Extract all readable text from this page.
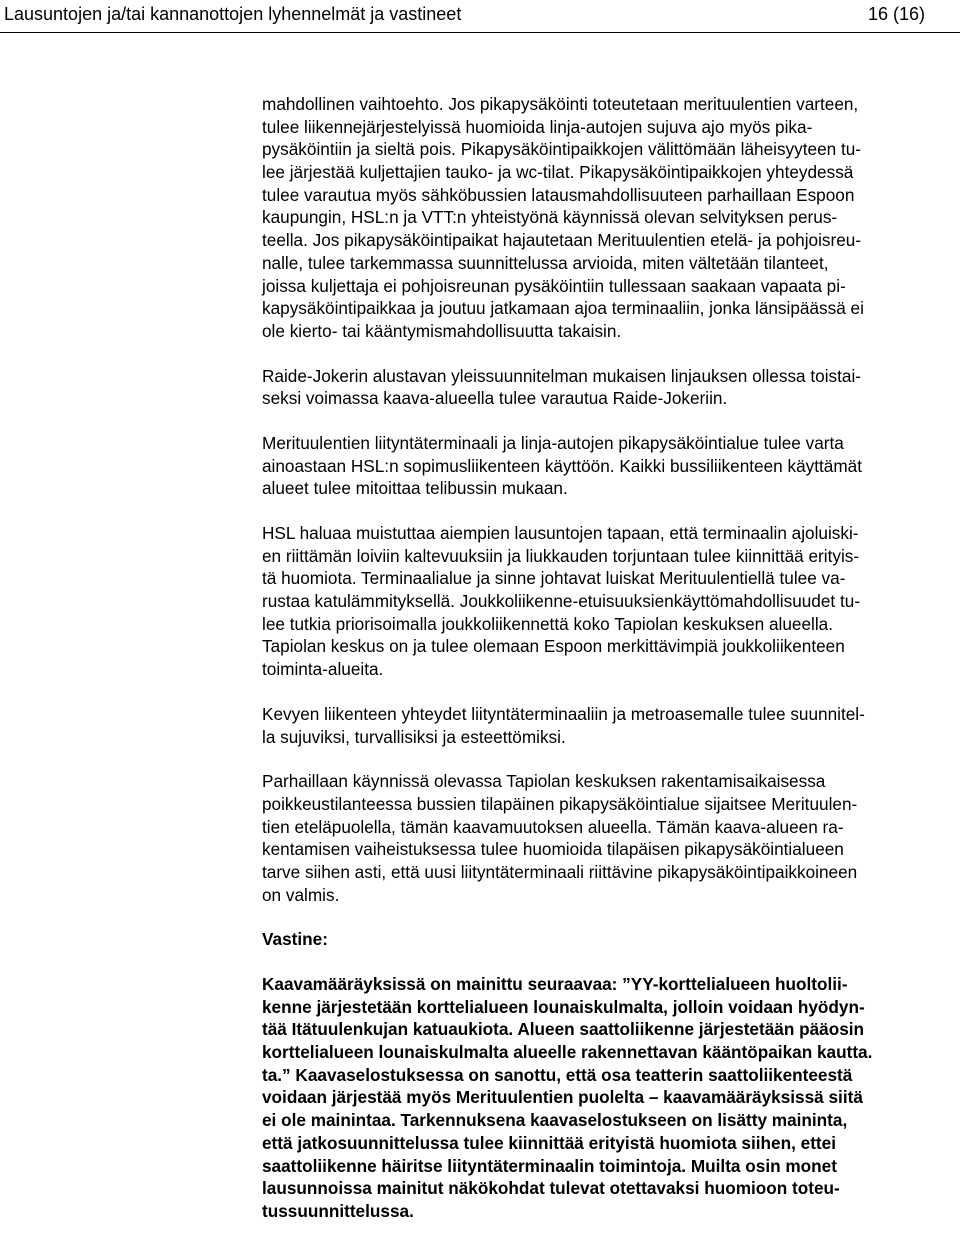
Lausuntojen ja/tai kannanottojen lyhennelmät ja vastineet	16 (16)
mahdollinen vaihtoehto. Jos pikapysäköinti toteutetaan merituulentien varteen,
tulee liikennejärjestelyissä huomioida linja-autojen sujuva ajo myös pika-
pysäköintiin ja sieltä pois. Pikapysäköintipaikkojen välittömään läheisyyteen tu-
lee järjestää kuljettajien tauko- ja wc-tilat. Pikapysäköintipaikkojen yhteydessä
tulee varautua myös sähköbussien latausmahdollisuuteen parhaillaan Espoon
kaupungin, HSL:n ja VTT:n yhteistyönä käynnissä olevan selvityksen perus-
teella. Jos pikapysäköintipaikat hajautetaan Merituulentien etelä- ja pohjoisreu-
nalle, tulee tarkemmassa suunnittelussa arvioida, miten vältetään tilanteet,
joissa kuljettaja ei pohjoisreunan pysäköintiin tullessaan saakaan vapaata pi-
kapysäköintipaikkaa ja joutuu jatkamaan ajoa terminaaliin, jonka länsipäässä ei
ole kierto- tai kääntymismahdollisuutta takaisin.
Raide-Jokerin alustavan yleissuunnitelman mukaisen linjauksen ollessa toistai-
seksi voimassa kaava-alueella tulee varautua Raide-Jokeriin.
Merituulentien liityntäterminaali ja linja-autojen pikapysäköintialue tulee varta
ainoastaan HSL:n sopimusliikenteen käyttöön. Kaikki bussiliikenteen käyttämät
alueet tulee mitoittaa telibussin mukaan.
HSL haluaa muistuttaa aiempien lausuntojen tapaan, että terminaalin ajoluiski-
en riittämän loiviin kaltevuuksiin ja liukkauden torjuntaan tulee kiinnittää erityis-
tä huomiota. Terminaalialue ja sinne johtavat luiskat Merituulentiellä tulee va-
rustaa katulämmityksellä. Joukkoliikenne-etuisuuksienkäyttömahdollisuudet tu-
lee tutkia priorisoimalla joukkoliikennettä koko Tapiolan keskuksen alueella.
Tapiolan keskus on ja tulee olemaan Espoon merkittävimpiä joukkoliikenteen
toiminta-alueita.
Kevyen liikenteen yhteydet liityntäterminaaliin ja metroasemalle tulee suunnitel-
la sujuviksi, turvallisiksi ja esteettömiksi.
Parhaillaan käynnissä olevassa Tapiolan keskuksen rakentamisaikaisessa
poikkeustilanteessa bussien tilapäinen pikapysäköintialue sijaitsee Merituulen-
tien eteläpuolella, tämän kaavamuutoksen alueella. Tämän kaava-alueen ra-
kentamisen vaiheistuksessa tulee huomioida tilapäisen pikapysäköintialueen
tarve siihen asti, että uusi liityntäterminaali riittävine pikapysäköintipaikkoineen
on valmis.
Vastine:
Kaavamääräyksissä on mainittu seuraavaa: ”YY-korttelialueen huoltolii-
kenne järjestetään korttelialueen lounaiskulmalta, jolloin voidaan hyödyn-
tää Itätuulenkujan katuaukiota. Alueen saattoliikenne järjestetään pääosin
korttelialueen lounaiskulmalta alueelle rakennettavan kääntöpaikan kautta.
ta.” Kaavaselostuksessa on sanottu, että osa teatterin saattoliikenteestä
voidaan järjestää myös Merituulentien puolelta – kaavamääräyksissä siitä
ei ole mainintaa. Tarkennuksena kaavaselostukseen on lisätty maininta,
että jatkosuunnittelussa tulee kiinnittää erityistä huomiota siihen, ettei
saattoliikenne häiritse liityntäterminaalin toimintoja. Muilta osin monet
lausunnoissa mainitut näkökohdat tulevat otettavaksi huomioon toteu-
tussuunnittelussa.
